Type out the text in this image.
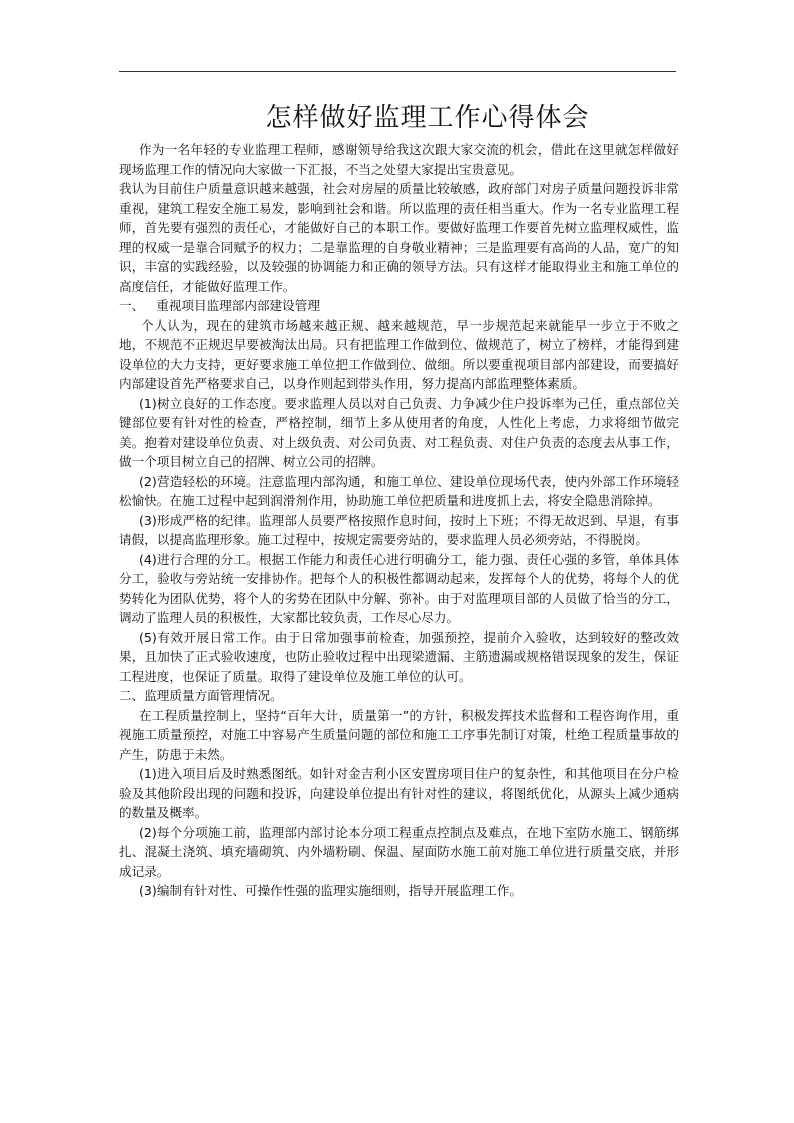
怎样做好监理工作心得体会

作为一名年轻的专业监理工程师，感谢领导给我这次跟大家交流的机会，借此在这里就怎样做好现场监理工作的情况向大家做一下汇报，不当之处望大家提出宝贵意见。

我认为目前住户质量意识越来越强，社会对房屋的质量比较敏感，政府部门对房子质量问题投诉非常重视，建筑工程安全施工易发，影响到社会和谐。所以监理的责任相当重大。作为一名专业监理工程师，首先要有强烈的责任心，才能做好自己的本职工作。要做好监理工作要首先树立监理权威性，监理的权威一是靠合同赋予的权力；二是靠监理的自身敬业精神；三是监理要有高尚的人品，宽广的知识，丰富的实践经验，以及较强的协调能力和正确的领导方法。只有这样才能取得业主和施工单位的高度信任，才能做好监理工作。

一、   重视项目监理部内部建设管理

个人认为，现在的建筑市场越来越正规、越来越规范，早一步规范起来就能早一步立于不败之地，不规范不正规迟早要被淘汰出局。只有把监理工作做到位、做规范了，树立了榜样，才能得到建设单位的大力支持，更好要求施工单位把工作做到位、做细。所以要重视项目部内部建设，而要搞好内部建设首先严格要求自己，以身作则起到带头作用，努力提高内部监理整体素质。

(1)树立良好的工作态度。要求监理人员以对自己负责、力争减少住户投诉率为己任，重点部位关键部位要有针对性的检查，严格控制，细节上多从使用者的角度，人性化上考虑，力求将细节做完美。抱着对建设单位负责、对上级负责、对公司负责、对工程负责、对住户负责的态度去从事工作，做一个项目树立自己的招牌、树立公司的招牌。

(2)营造轻松的环境。注意监理内部沟通，和施工单位、建设单位现场代表，使内外部工作环境轻松愉快。在施工过程中起到润滑剂作用，协助施工单位把质量和进度抓上去，将安全隐患消除掉。

(3)形成严格的纪律。监理部人员要严格按照作息时间，按时上下班；不得无故迟到、早退，有事请假，以提高监理形象。施工过程中，按规定需要旁站的，要求监理人员必须旁站，不得脱岗。

(4)进行合理的分工。根据工作能力和责任心进行明确分工，能力强、责任心强的多管，单体具体分工，验收与旁站统一安排协作。把每个人的积极性都调动起来，发挥每个人的优势，将每个人的优势转化为团队优势，将个人的劣势在团队中分解、弥补。由于对监理项目部的人员做了恰当的分工，调动了监理人员的积极性，大家都比较负责，工作尽心尽力。

(5)有效开展日常工作。由于日常加强事前检查，加强预控，提前介入验收，达到较好的整改效果，且加快了正式验收速度，也防止验收过程中出现梁遗漏、主筋遗漏或规格错误现象的发生，保证工程进度，也保证了质量。取得了建设单位及施工单位的认可。

二、监理质量方面管理情况。

在工程质量控制上，坚持“百年大计，质量第一”的方针，积极发挥技术监督和工程咨询作用，重视施工质量预控，对施工中容易产生质量问题的部位和施工工序事先制订对策，杜绝工程质量事故的产生，防患于未然。

(1)进入项目后及时熟悉图纸。如针对金吉利小区安置房项目住户的复杂性，和其他项目在分户检验及其他阶段出现的问题和投诉，向建设单位提出有针对性的建议，将图纸优化，从源头上减少通病的数量及概率。

(2)每个分项施工前，监理部内部讨论本分项工程重点控制点及难点，在地下室防水施工、钢筋绑扎、混凝土浇筑、填充墙砌筑、内外墙粉刷、保温、屋面防水施工前对施工单位进行质量交底，并形成记录。

(3)编制有针对性、可操作性强的监理实施细则，指导开展监理工作。
